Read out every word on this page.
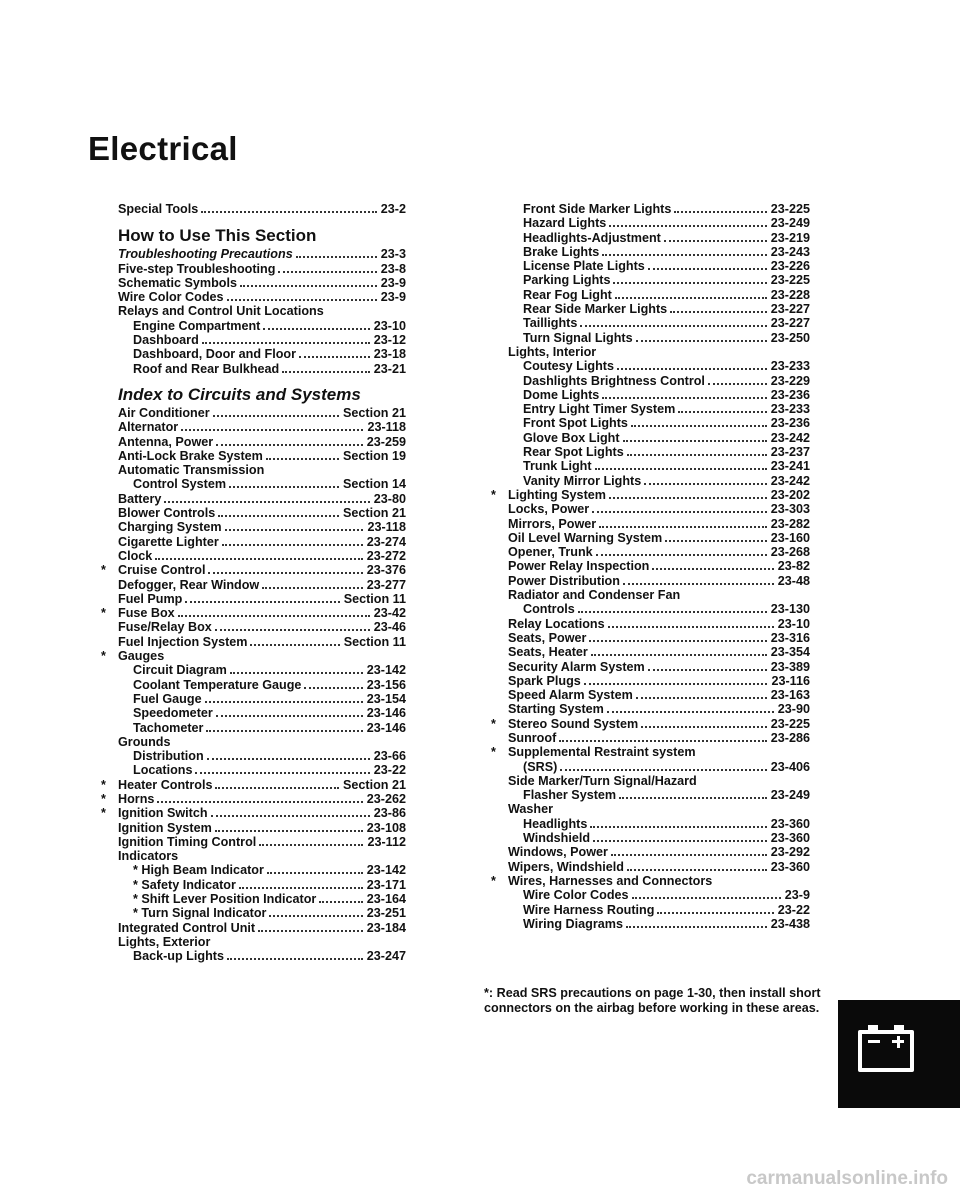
Electrical
Special Tools	23-2
How to Use This Section
Troubleshooting Precautions	23-3
Five-step Troubleshooting	23-8
Schematic Symbols	23-9
Wire Color Codes	23-9
Relays and Control Unit Locations
Engine Compartment	23-10
Dashboard	23-12
Dashboard, Door and Floor	23-18
Roof and Rear Bulkhead	23-21
Index to Circuits and Systems
Air Conditioner	Section 21
Alternator	23-118
Antenna, Power	23-259
Anti-Lock Brake System	Section 19
Automatic Transmission
Control System	Section 14
Battery	23-80
Blower Controls	Section 21
Charging System	23-118
Cigarette Lighter	23-274
Clock	23-272
* Cruise Control	23-376
Defogger, Rear Window	23-277
Fuel Pump	Section 11
* Fuse Box	23-42
Fuse/Relay Box	23-46
Fuel Injection System	Section 11
* Gauges
Circuit Diagram	23-142
Coolant Temperature Gauge	23-156
Fuel Gauge	23-154
Speedometer	23-146
Tachometer	23-146
Grounds
Distribution	23-66
Locations	23-22
* Heater Controls	Section 21
* Horns	23-262
* Ignition Switch	23-86
Ignition System	23-108
Ignition Timing Control	23-112
Indicators
* High Beam Indicator	23-142
* Safety Indicator	23-171
* Shift Lever Position Indicator	23-164
* Turn Signal Indicator	23-251
Integrated Control Unit	23-184
Lights, Exterior
Back-up Lights	23-247
Front Side Marker Lights	23-225
Hazard Lights	23-249
Headlights-Adjustment	23-219
Brake Lights	23-243
License Plate Lights	23-226
Parking Lights	23-225
Rear Fog Light	23-228
Rear Side Marker Lights	23-227
Taillights	23-227
Turn Signal Lights	23-250
Lights, Interior
Coutesy Lights	23-233
Dashlights Brightness Control	23-229
Dome Lights	23-236
Entry Light Timer System	23-233
Front Spot Lights	23-236
Glove Box Light	23-242
Rear Spot Lights	23-237
Trunk Light	23-241
Vanity Mirror Lights	23-242
* Lighting System	23-202
Locks, Power	23-303
Mirrors, Power	23-282
Oil Level Warning System	23-160
Opener, Trunk	23-268
Power Relay Inspection	23-82
Power Distribution	23-48
Radiator and Condenser Fan
Controls	23-130
Relay Locations	23-10
Seats, Power	23-316
Seats, Heater	23-354
Security Alarm System	23-389
Spark Plugs	23-116
Speed Alarm System	23-163
Starting System	23-90
* Stereo Sound System	23-225
Sunroof	23-286
* Supplemental Restraint system
(SRS)	23-406
Side Marker/Turn Signal/Hazard
Flasher System	23-249
Washer
Headlights	23-360
Windshield	23-360
Windows, Power	23-292
Wipers, Windshield	23-360
* Wires, Harnesses and Connectors
Wire Color Codes	23-9
Wire Harness Routing	23-22
Wiring Diagrams	23-438
*: Read SRS precautions on page 1-30, then install short connectors on the airbag before working in these areas.
carmanualsonline.info
